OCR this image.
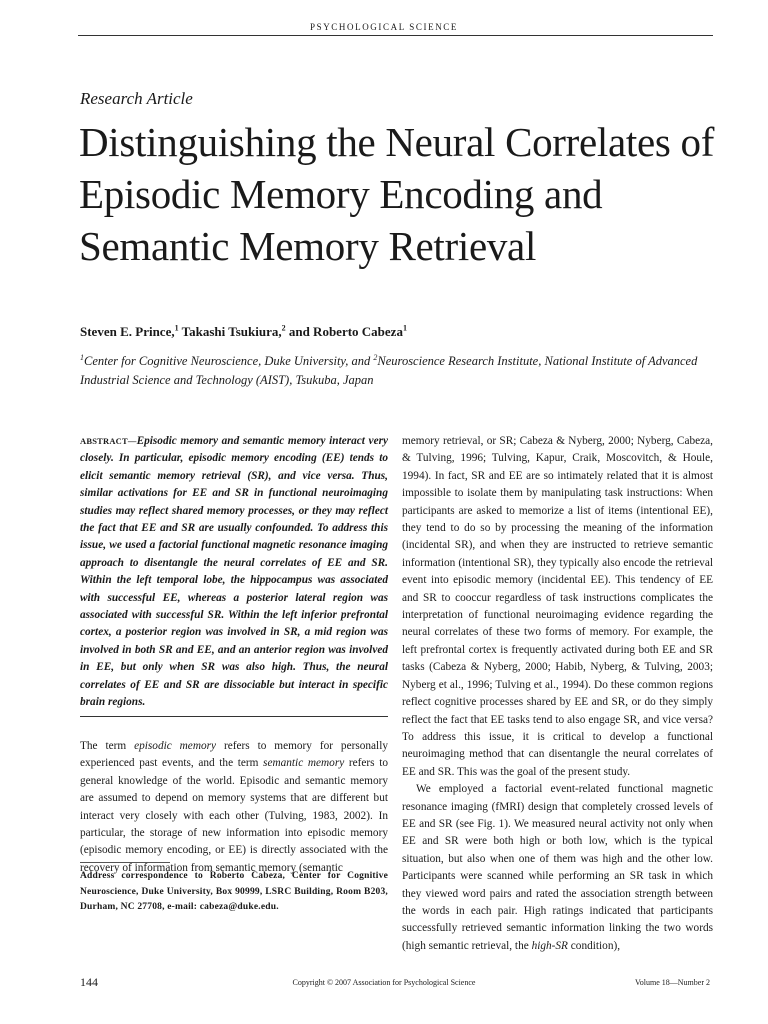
PSYCHOLOGICAL SCIENCE
Research Article
Distinguishing the Neural Correlates of Episodic Memory Encoding and Semantic Memory Retrieval
Steven E. Prince,$^1$ Takashi Tsukiura,$^2$ and Roberto Cabeza$^1$
$^1$Center for Cognitive Neuroscience, Duke University, and $^2$Neuroscience Research Institute, National Institute of Advanced Industrial Science and Technology (AIST), Tsukuba, Japan
ABSTRACT—Episodic memory and semantic memory interact very closely. In particular, episodic memory encoding (EE) tends to elicit semantic memory retrieval (SR), and vice versa. Thus, similar activations for EE and SR in functional neuroimaging studies may reflect shared memory processes, or they may reflect the fact that EE and SR are usually confounded. To address this issue, we used a factorial functional magnetic resonance imaging approach to disentangle the neural correlates of EE and SR. Within the left temporal lobe, the hippocampus was associated with successful EE, whereas a posterior lateral region was associated with successful SR. Within the left inferior prefrontal cortex, a posterior region was involved in SR, a mid region was involved in both SR and EE, and an anterior region was involved in EE, but only when SR was also high. Thus, the neural correlates of EE and SR are dissociable but interact in specific brain regions.

The term episodic memory refers to memory for personally experienced past events, and the term semantic memory refers to general knowledge of the world. Episodic and semantic memory are assumed to depend on memory systems that are different but interact very closely with each other (Tulving, 1983, 2002). In particular, the storage of new information into episodic memory (episodic memory encoding, or EE) is directly associated with the recovery of information from semantic memory (semantic

Address correspondence to Roberto Cabeza, Center for Cognitive Neuroscience, Duke University, Box 90999, LSRC Building, Room B203, Durham, NC 27708, e-mail: cabeza@duke.edu.

memory retrieval, or SR; Cabeza & Nyberg, 2000; Nyberg, Cabeza, & Tulving, 1996; Tulving, Kapur, Craik, Moscovitch, & Houle, 1994). In fact, SR and EE are so intimately related that it is almost impossible to isolate them by manipulating task instructions: When participants are asked to memorize a list of items (intentional EE), they tend to do so by processing the meaning of the information (incidental SR), and when they are instructed to retrieve semantic information (intentional SR), they typically also encode the retrieval event into episodic memory (incidental EE). This tendency of EE and SR to cooccur regardless of task instructions complicates the interpretation of functional neuroimaging evidence regarding the neural correlates of these two forms of memory. For example, the left prefrontal cortex is frequently activated during both EE and SR tasks (Cabeza & Nyberg, 2000; Habib, Nyberg, & Tulving, 2003; Nyberg et al., 1996; Tulving et al., 1994). Do these common regions reflect cognitive processes shared by EE and SR, or do they simply reflect the fact that EE tasks tend to also engage SR, and vice versa? To address this issue, it is critical to develop a functional neuroimaging method that can disentangle the neural correlates of EE and SR. This was the goal of the present study.

We employed a factorial event-related functional magnetic resonance imaging (fMRI) design that completely crossed levels of EE and SR (see Fig. 1). We measured neural activity not only when EE and SR were both high or both low, which is the typical situation, but also when one of them was high and the other low. Participants were scanned while performing an SR task in which they viewed word pairs and rated the association strength between the words in each pair. High ratings indicated that participants successfully retrieved semantic information linking the two words (high semantic retrieval, the high-SR condition),

144	Copyright © 2007 Association for Psychological Science	Volume 18—Number 2
